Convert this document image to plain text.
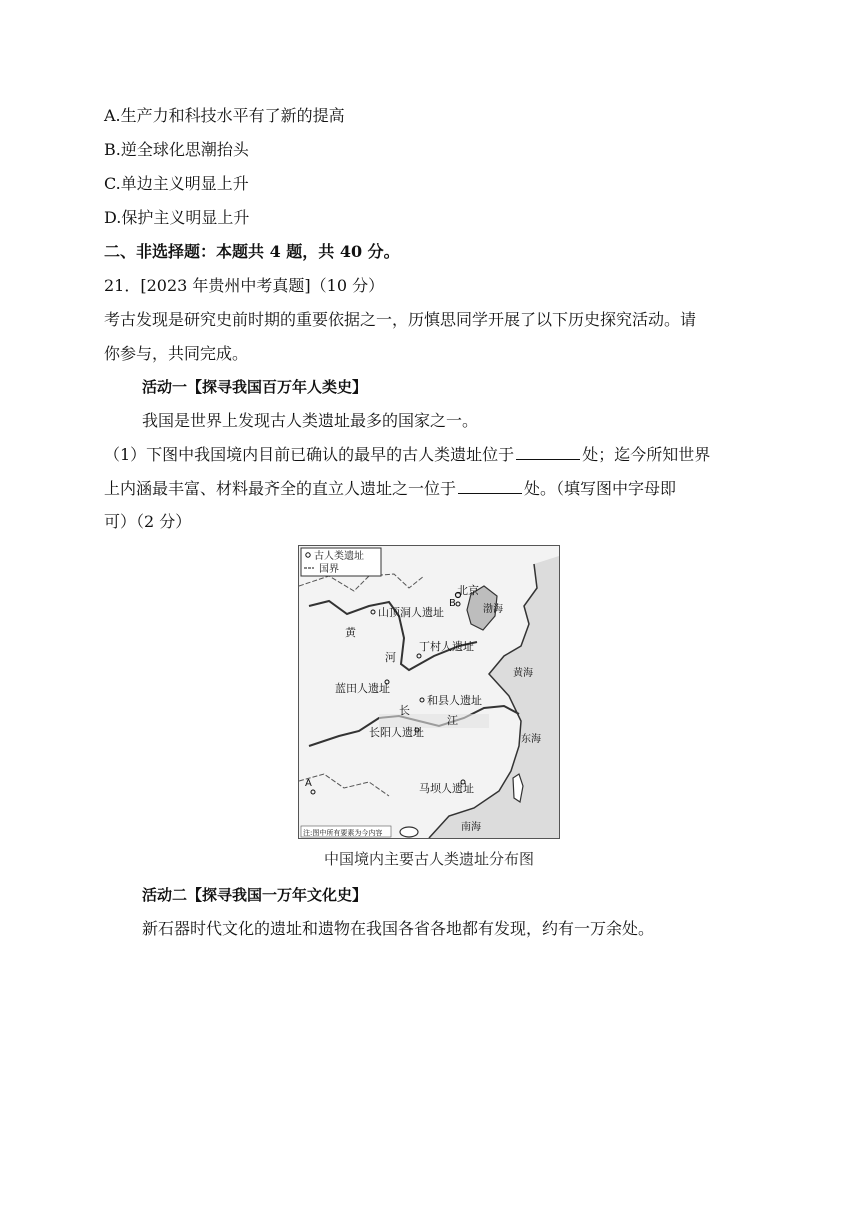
A.生产力和科技水平有了新的提高
B.逆全球化思潮抬头
C.单边主义明显上升
D.保护主义明显上升
二、非选择题：本题共 4 题，共 40 分。
21．[2023 年贵州中考真题]（10 分）
考古发现是研究史前时期的重要依据之一，历慎思同学开展了以下历史探究活动。请
你参与，共同完成。
活动一【探寻我国百万年人类史】
我国是世界上发现古人类遗址最多的国家之一。
（1）下图中我国境内目前已确认的最早的古人类遗址位于	处；迄今所知世界
上内涵最丰富、材料最齐全的直立人遗址之一位于	处。（填写图中字母即
可）（2 分）
古人类遗址
国界
北京
B
山顶洞人遗址	渤海
黄
河
丁村人遗址
黄海
蓝田人遗址
和县人遗址
长
江
长阳人遗址
东海
A	马坝人遗址
南海
注:图中所有要素为今内容
中国境内主要古人类遗址分布图
活动二【探寻我国一万年文化史】
新石器时代文化的遗址和遗物在我国各省各地都有发现，约有一万余处。
